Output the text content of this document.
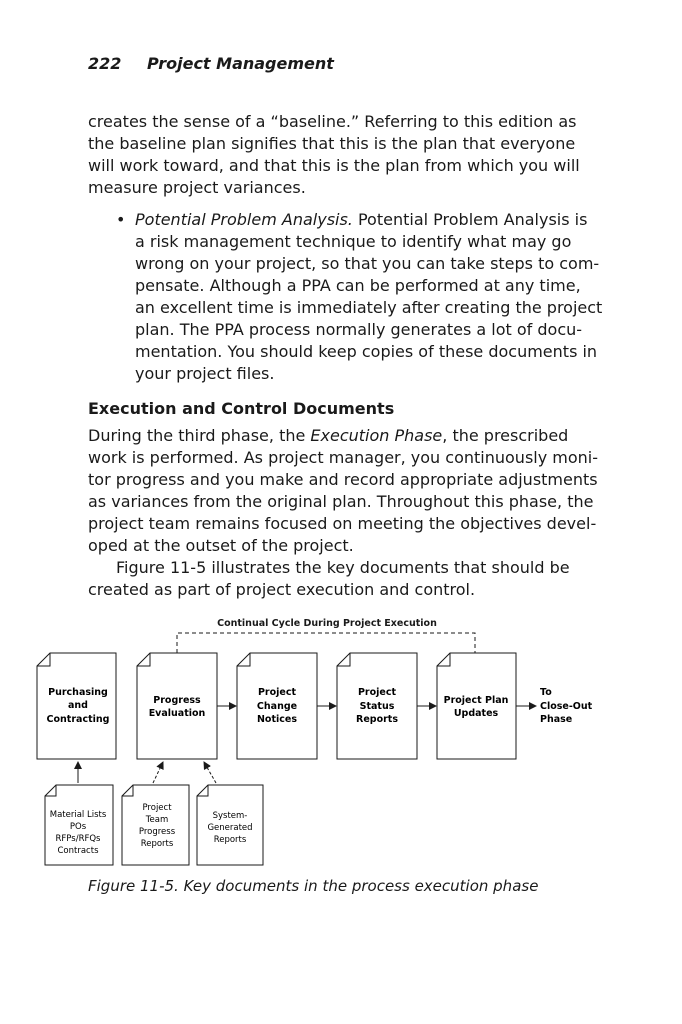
222 Project Management
creates the sense of a “baseline.” Referring to this edition as
the baseline plan signifies that this is the plan that everyone
will work toward, and that this is the plan from which you will
measure project variances.
• Potential Problem Analysis. Potential Problem Analysis is
a risk management technique to identify what may go
wrong on your project, so that you can take steps to com-
pensate. Although a PPA can be performed at any time,
an excellent time is immediately after creating the project
plan. The PPA process normally generates a lot of docu-
mentation. You should keep copies of these documents in
your project files.
Execution and Control Documents
During the third phase, the Execution Phase, the prescribed
work is performed. As project manager, you continuously moni-
tor progress and you make and record appropriate adjustments
as variances from the original plan. Throughout this phase, the
project team remains focused on meeting the objectives devel-
oped at the outset of the project.
Figure 11-5 illustrates the key documents that should be
created as part of project execution and control.
Continual Cycle During Project Execution
Purchasing
and
Contracting
Progress
Evaluation
Project
Change
Notices
Project
Status
Reports
Project Plan
Updates
To
Close-Out
Phase
Material Lists
POs
RFPs/RFQs
Contracts
Project
Team
Progress
Reports
System-
Generated
Reports
Figure 11-5. Key documents in the process execution phase
